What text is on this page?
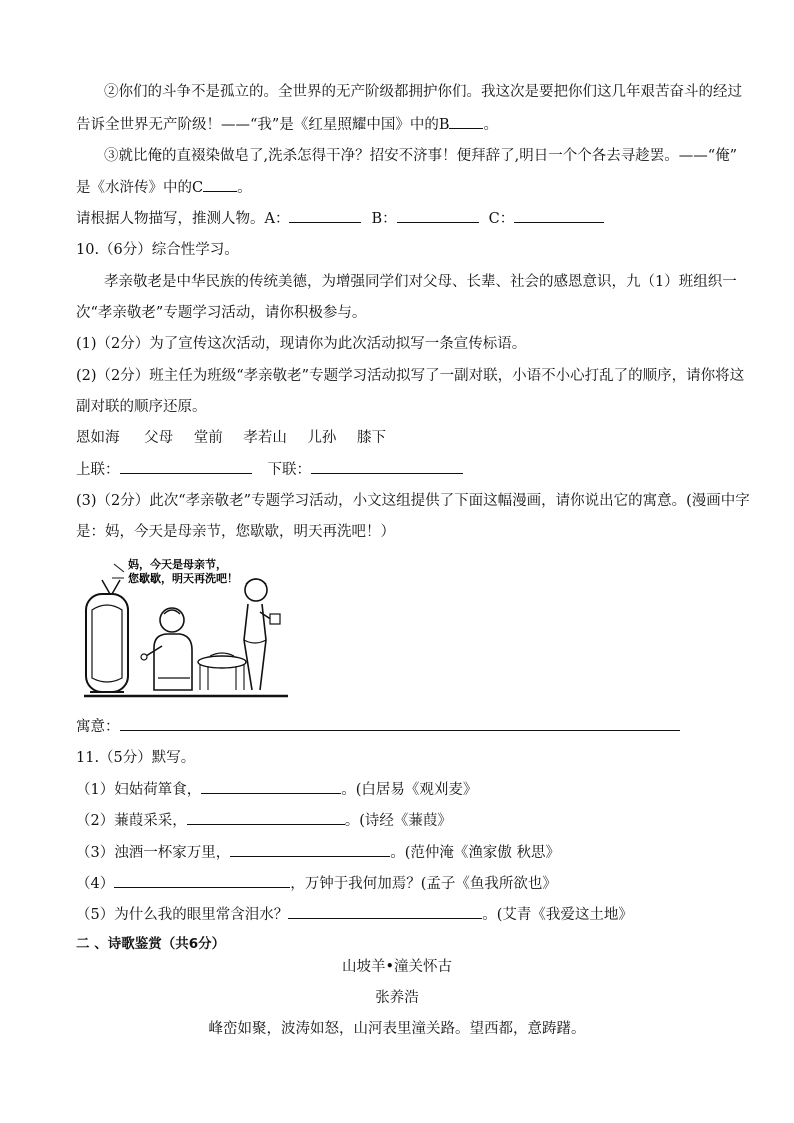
②你们的斗争不是孤立的。全世界的无产阶级都拥护你们。我这次是要把你们这几年艰苦奋斗的经过
告诉全世界无产阶级！——“我”是《红星照耀中国》中的B 。
③就比俺的直裰染做皂了,洗杀怎得干净？招安不济事！便拜辞了,明日一个个各去寻趁罢。——“俺”
是《水浒传》中的C 。
请根据人物描写，推测人物。A：	B：	C：
10.（6分）综合性学习。
孝亲敬老是中华民族的传统美德，为增强同学们对父母、长辈、社会的感恩意识，九（1）班组织一
次“孝亲敬老”专题学习活动，请你积极参与。
(1)（2分）为了宣传这次活动，现请你为此次活动拟写一条宣传标语。
(2)（2分）班主任为班级“孝亲敬老”专题学习活动拟写了一副对联，小语不小心打乱了的顺序，请你将这
副对联的顺序还原。
恩如海 父母 堂前 孝若山 儿孙 膝下
上联：	下联：
(3)（2分）此次“孝亲敬老”专题学习活动，小文这组提供了下面这幅漫画，请你说出它的寓意。(漫画中字
是：妈，今天是母亲节，您歇歇，明天再洗吧！）
妈，今天是母亲节，
您歇歇，明天再洗吧！
寓意：
11.（5分）默写。
（1）妇姑荷箪食，	。(白居易《观刈麦》
（2）蒹葭采采，	。(诗经《蒹葭》
（3）浊酒一杯家万里，	。(范仲淹《渔家傲 秋思》
（4）	，万钟于我何加焉？(孟子《鱼我所欲也》
（5）为什么我的眼里常含泪水？	。(艾青《我爱这土地》
二 、诗歌鉴赏（共6分）
山坡羊•潼关怀古
张养浩
峰峦如聚，波涛如怒，山河表里潼关路。望西都，意踌躇。
